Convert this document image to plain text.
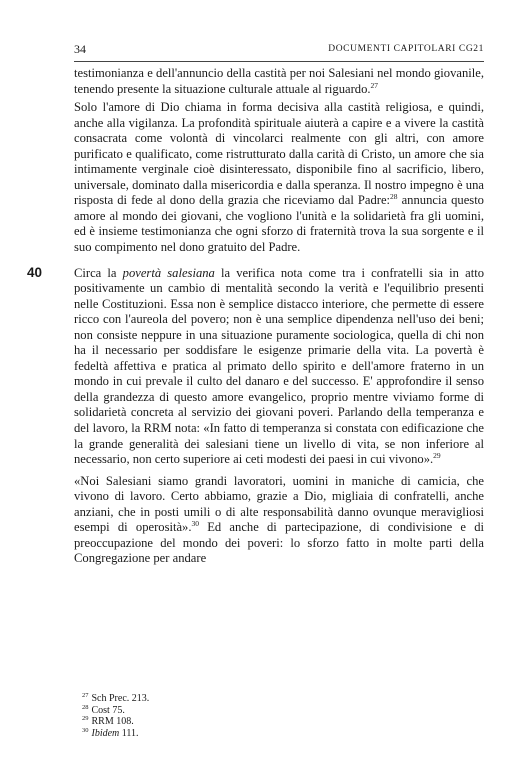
34	DOCUMENTI CAPITOLARI CG21

testimonianza e dell'annuncio della castità per noi Salesiani nel mondo giovanile, tenendo presente la situazione culturale attuale al riguardo.$^{27}$

Solo l'amore di Dio chiama in forma decisiva alla castità religiosa, e quindi, anche alla vigilanza. La profondità spirituale aiuterà a capire e a vivere la castità consacrata come volontà di vincolarci realmente con gli altri, con amore purificato e qualificato, come ristrutturato dalla carità di Cristo, un amore che sia intimamente verginale cioè disinteressato, disponibile fino al sacrificio, libero, universale, dominato dalla misericordia e dalla speranza. Il nostro impegno è una risposta di fede al dono della grazia che riceviamo dal Padre:$^{28}$ annuncia questo amore al mondo dei giovani, che vogliono l'unità e la solidarietà fra gli uomini, ed è insieme testimonianza che ogni sforzo di fraternità trova la sua sorgente e il suo compimento nel dono gratuito del Padre.

Circa la povertà salesiana la verifica nota come tra i confratelli sia in atto positivamente un cambio di mentalità secondo la verità e l'equilibrio presenti nelle Costituzioni. Essa non è semplice distacco interiore, che permette di essere ricco con l'aureola del povero; non è una semplice dipendenza nell'uso dei beni; non consiste neppure in una situazione puramente sociologica, quella di chi non ha il necessario per soddisfare le esigenze primarie della vita. La povertà è fedeltà affettiva e pratica al primato dello spirito e dell'amore fraterno in un mondo in cui prevale il culto del danaro e del successo. E' approfondire il senso della grandezza di questo amore evangelico, proprio mentre viviamo forme di solidarietà concreta al servizio dei giovani poveri. Parlando della temperanza e del lavoro, la RRM nota: «In fatto di temperanza si constata con edificazione che la grande generalità dei salesiani tiene un livello di vita, se non inferiore al necessario, non certo superiore ai ceti modesti dei paesi in cui vivono».$^{29}$

«Noi Salesiani siamo grandi lavoratori, uomini in maniche di camicia, che vivono di lavoro. Certo abbiamo, grazie a Dio, migliaia di confratelli, anche anziani, che in posti umili o di alte responsabilità danno ovunque meravigliosi esempi di operosità».$^{30}$ Ed anche di partecipazione, di condivisione e di preoccupazione del mondo dei poveri: lo sforzo fatto in molte parti della Congregazione per andare

$^{27}$ Sch Prec. 213.
$^{28}$ Cost 75.
$^{29}$ RRM 108.
$^{30}$ Ibidem 111.
40
